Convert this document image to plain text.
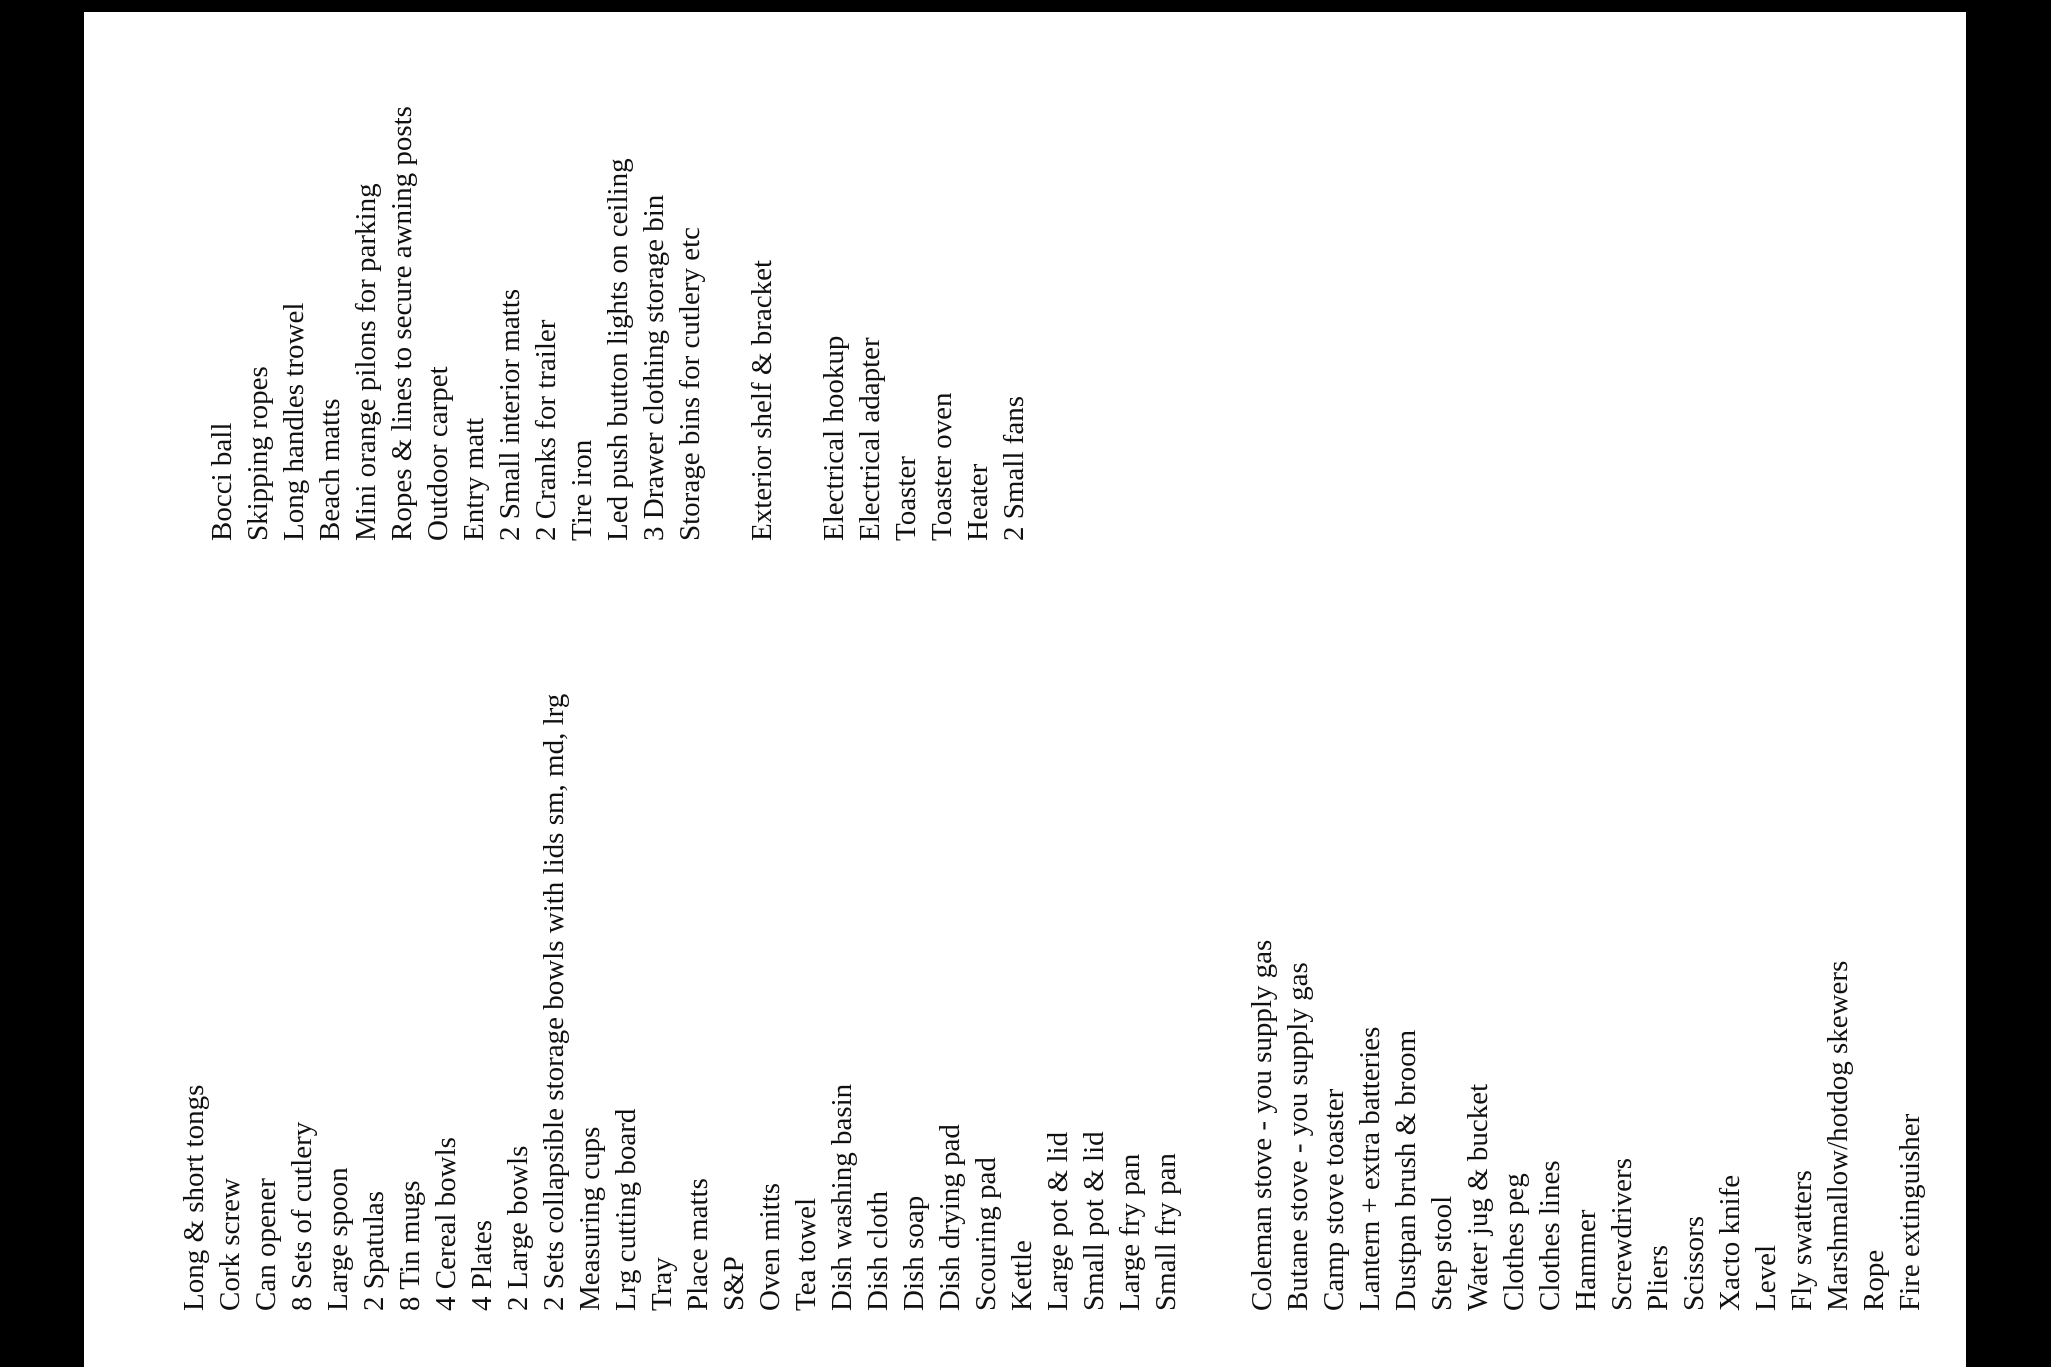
Long & short tongs Cork screw Can opener 8 Sets of cutlery Large spoon 2 Spatulas 8 Tin mugs 4 Cereal bowls 4 Plates 2 Large bowls 2 Sets collapsible storage bowls with lids sm, md, lrg Measuring cups Lrg cutting board Tray Place matts S&P Oven mitts Tea towel Dish washing basin Dish cloth Dish soap Dish drying pad Scouring pad Kettle Large pot & lid Small pot & lid Large fry pan Small fry pan Coleman stove - you supply gas Butane stove - you supply gas Camp stove toaster Lantern + extra batteries Dustpan brush & broom Step stool Water jug & bucket Clothes peg Clothes lines Hammer Screwdrivers Pliers Scissors Xacto knife Level Fly swatters Marshmallow/hotdog skewers Rope Fire extinguisher
Bocci ball Skipping ropes Long handles trowel Beach matts Mini orange pilons for parking Ropes & lines to secure awning posts Outdoor carpet Entry matt 2 Small interior matts 2 Cranks for trailer Tire iron Led push button lights on ceiling 3 Drawer clothing storage bin Storage bins for cutlery etc Exterior shelf & bracket Electrical hookup Electrical adapter Toaster Toaster oven Heater 2 Small fans
